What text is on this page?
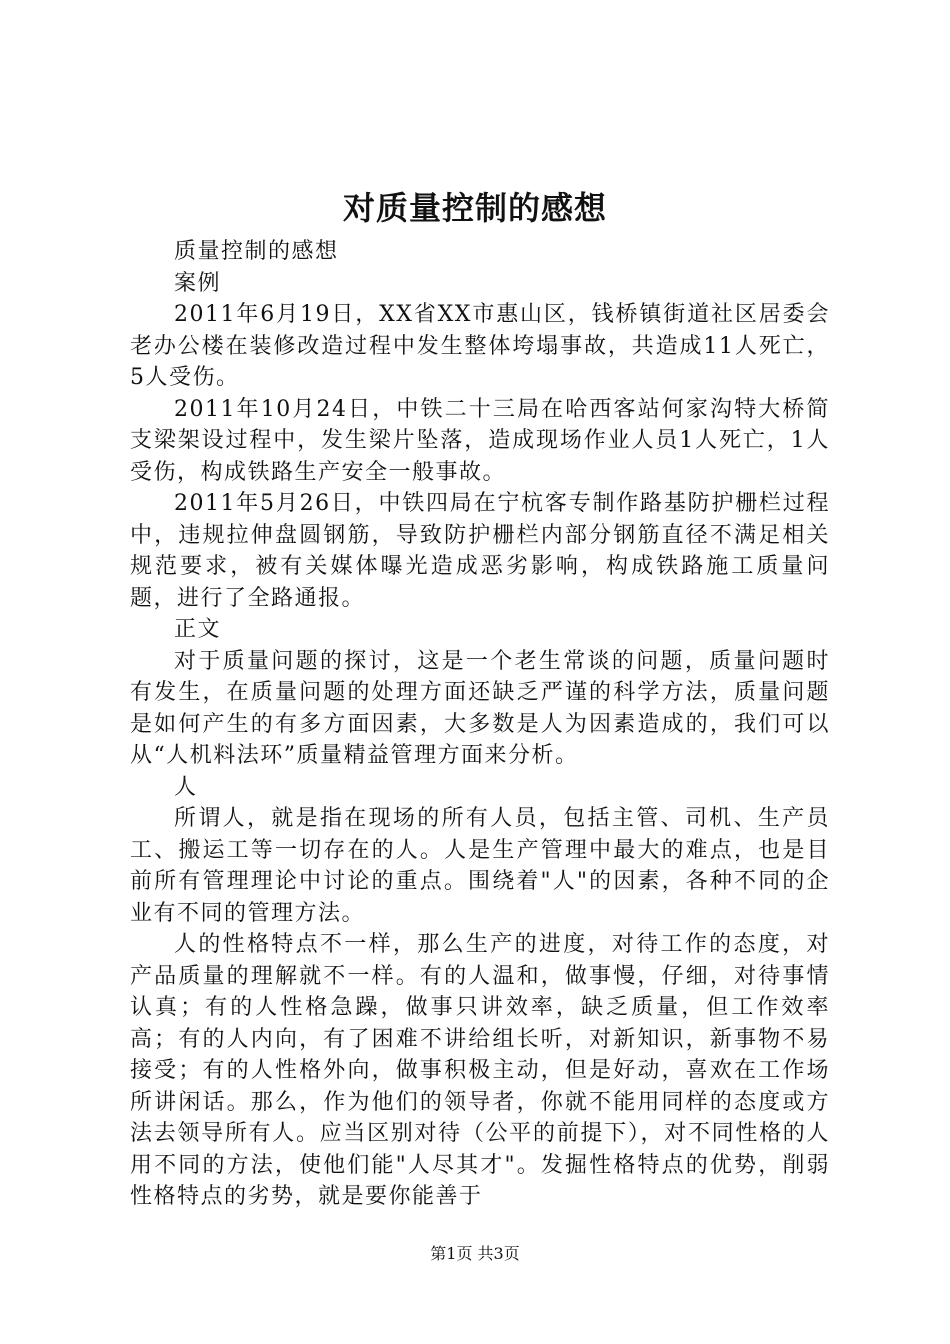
对质量控制的感想

质量控制的感想

案例

2011年6月19日，XX省XX市惠山区，钱桥镇街道社区居委会老办公楼在装修改造过程中发生整体垮塌事故，共造成11人死亡，5人受伤。

2011年10月24日，中铁二十三局在哈西客站何家沟特大桥简支梁架设过程中，发生梁片坠落，造成现场作业人员1人死亡，1人受伤，构成铁路生产安全一般事故。

2011年5月26日，中铁四局在宁杭客专制作路基防护栅栏过程中，违规拉伸盘圆钢筋，导致防护栅栏内部分钢筋直径不满足相关规范要求，被有关媒体曝光造成恶劣影响，构成铁路施工质量问题，进行了全路通报。

正文

对于质量问题的探讨，这是一个老生常谈的问题，质量问题时有发生，在质量问题的处理方面还缺乏严谨的科学方法，质量问题是如何产生的有多方面因素，大多数是人为因素造成的，我们可以从“人机料法环”质量精益管理方面来分析。

人

所谓人，就是指在现场的所有人员，包括主管、司机、生产员工、搬运工等一切存在的人。人是生产管理中最大的难点，也是目前所有管理理论中讨论的重点。围绕着"人"的因素，各种不同的企业有不同的管理方法。

人的性格特点不一样，那么生产的进度，对待工作的态度，对产品质量的理解就不一样。有的人温和，做事慢，仔细，对待事情认真；有的人性格急躁，做事只讲效率，缺乏质量，但工作效率高；有的人内向，有了困难不讲给组长听，对新知识，新事物不易接受；有的人性格外向，做事积极主动，但是好动，喜欢在工作场所讲闲话。那么，作为他们的领导者，你就不能用同样的态度或方法去领导所有人。应当区别对待（公平的前提下），对不同性格的人用不同的方法，使他们能"人尽其才"。发掘性格特点的优势，削弱性格特点的劣势，就是要你能善于

第1页 共3页
